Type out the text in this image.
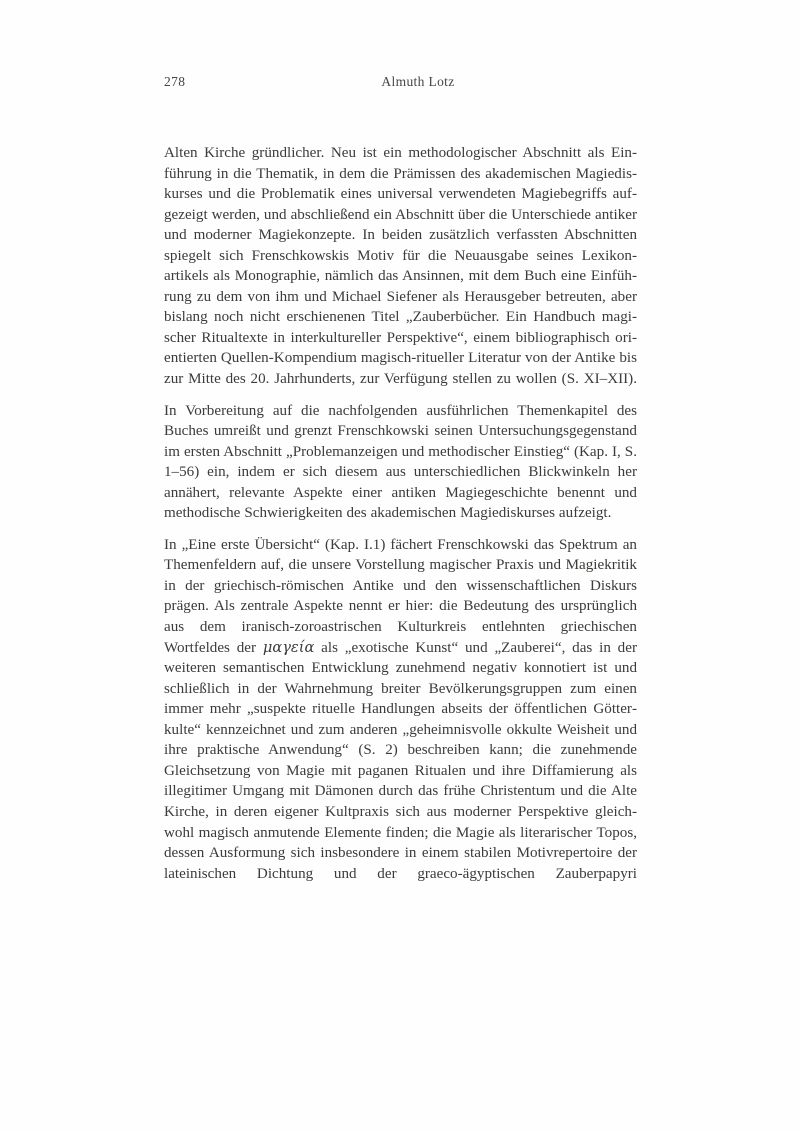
278	Almuth Lotz

Alten Kirche gründlicher. Neu ist ein methodologischer Abschnitt als Einführung in die Thematik, in dem die Prämissen des akademischen Magiediskurses und die Problematik eines universal verwendeten Magiebegriffs aufgezeigt werden, und abschließend ein Abschnitt über die Unterschiede antiker und moderner Magiekonzepte. In beiden zusätzlich verfassten Abschnitten spiegelt sich Frenschkowskis Motiv für die Neuausgabe seines Lexikonartikels als Monographie, nämlich das Ansinnen, mit dem Buch eine Einführung zu dem von ihm und Michael Siefener als Herausgeber betreuten, aber bislang noch nicht erschienenen Titel „Zauberbücher. Ein Handbuch magischer Ritualtexte in interkultureller Perspektive“, einem bibliographisch orientierten Quellen-Kompendium magisch-ritueller Literatur von der Antike bis zur Mitte des 20. Jahrhunderts, zur Verfügung stellen zu wollen (S. XI–XII).

In Vorbereitung auf die nachfolgenden ausführlichen Themenkapitel des Buches umreißt und grenzt Frenschkowski seinen Untersuchungsgegenstand im ersten Abschnitt „Problemanzeigen und methodischer Einstieg“ (Kap. I, S. 1–56) ein, indem er sich diesem aus unterschiedlichen Blickwinkeln her annähert, relevante Aspekte einer antiken Magiegeschichte benennt und methodische Schwierigkeiten des akademischen Magiediskurses aufzeigt.

In „Eine erste Übersicht“ (Kap. I.1) fächert Frenschkowski das Spektrum an Themenfeldern auf, die unsere Vorstellung magischer Praxis und Magiekritik in der griechisch-römischen Antike und den wissenschaftlichen Diskurs prägen. Als zentrale Aspekte nennt er hier: die Bedeutung des ursprünglich aus dem iranisch-zoroastrischen Kulturkreis entlehnten griechischen Wortfeldes der μαγεία als „exotische Kunst“ und „Zauberei“, das in der weiteren semantischen Entwicklung zunehmend negativ konnotiert ist und schließlich in der Wahrnehmung breiter Bevölkerungsgruppen zum einen immer mehr „suspekte rituelle Handlungen abseits der öffentlichen Götterkulte“ kennzeichnet und zum anderen „geheimnisvolle okkulte Weisheit und ihre praktische Anwendung“ (S. 2) beschreiben kann; die zunehmende Gleichsetzung von Magie mit paganen Ritualen und ihre Diffamierung als illegitimer Umgang mit Dämonen durch das frühe Christentum und die Alte Kirche, in deren eigener Kultpraxis sich aus moderner Perspektive gleichwohl magisch anmutende Elemente finden; die Magie als literarischer Topos, dessen Ausformung sich insbesondere in einem stabilen Motivrepertoire der lateinischen Dichtung und der graeco-ägyptischen Zauberpapyri
